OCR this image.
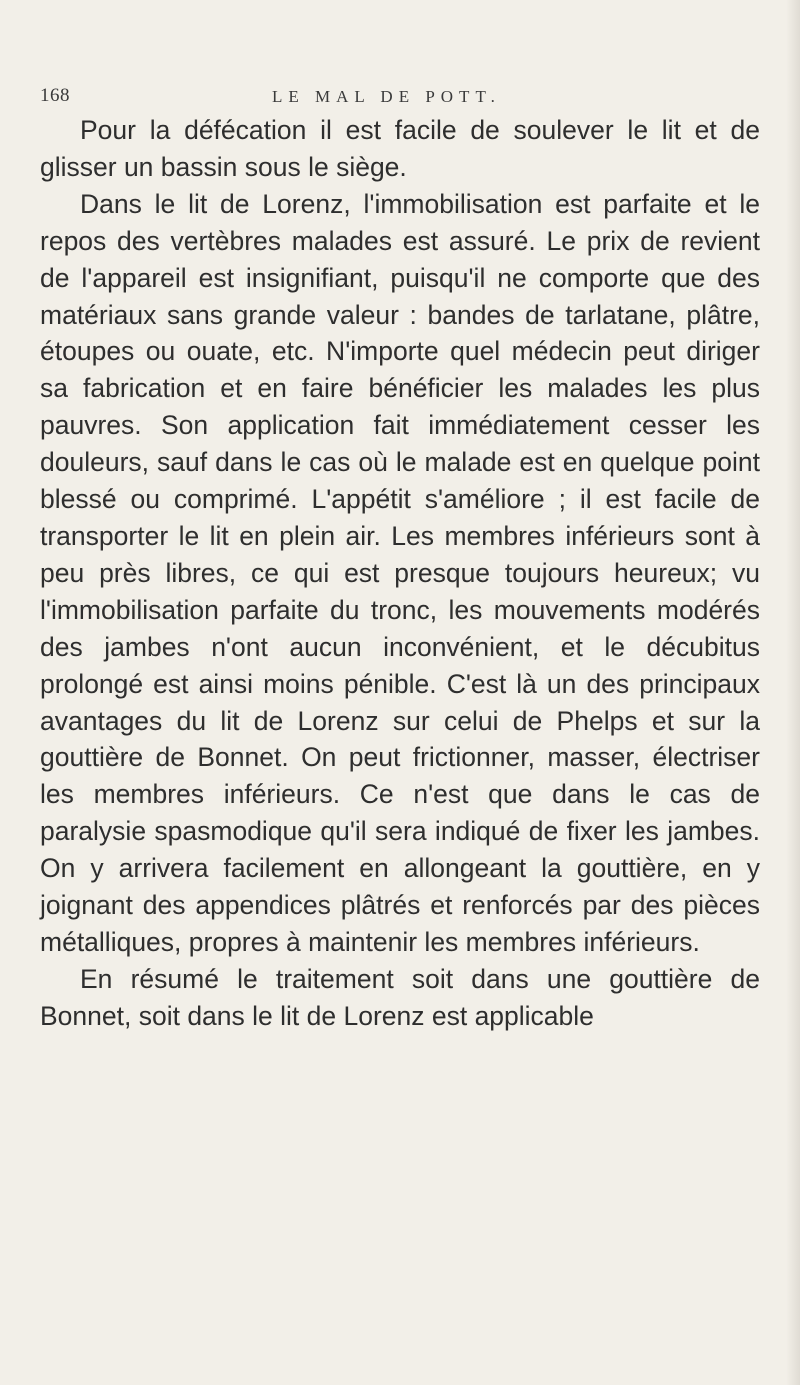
168	LE MAL DE POTT.

Pour la défécation il est facile de soulever le lit et de glisser un bassin sous le siège.

Dans le lit de Lorenz, l'immobilisation est parfaite et le repos des vertèbres malades est assuré. Le prix de revient de l'appareil est insignifiant, puisqu'il ne comporte que des matériaux sans grande valeur : bandes de tarlatane, plâtre, étoupes ou ouate, etc. N'importe quel médecin peut diriger sa fabrication et en faire bénéficier les malades les plus pauvres. Son application fait immédiatement cesser les douleurs, sauf dans le cas où le malade est en quelque point blessé ou comprimé. L'appétit s'améliore ; il est facile de transporter le lit en plein air. Les membres inférieurs sont à peu près libres, ce qui est presque toujours heureux; vu l'immobilisation parfaite du tronc, les mouvements modérés des jambes n'ont aucun inconvénient, et le décubitus prolongé est ainsi moins pénible. C'est là un des principaux avantages du lit de Lorenz sur celui de Phelps et sur la gouttière de Bonnet. On peut frictionner, masser, électriser les membres inférieurs. Ce n'est que dans le cas de paralysie spasmodique qu'il sera indiqué de fixer les jambes. On y arrivera facilement en allongeant la gouttière, en y joignant des appendices plâtrés et renforcés par des pièces métalliques, propres à maintenir les membres inférieurs.

En résumé le traitement soit dans une gouttière de Bonnet, soit dans le lit de Lorenz est applicable
